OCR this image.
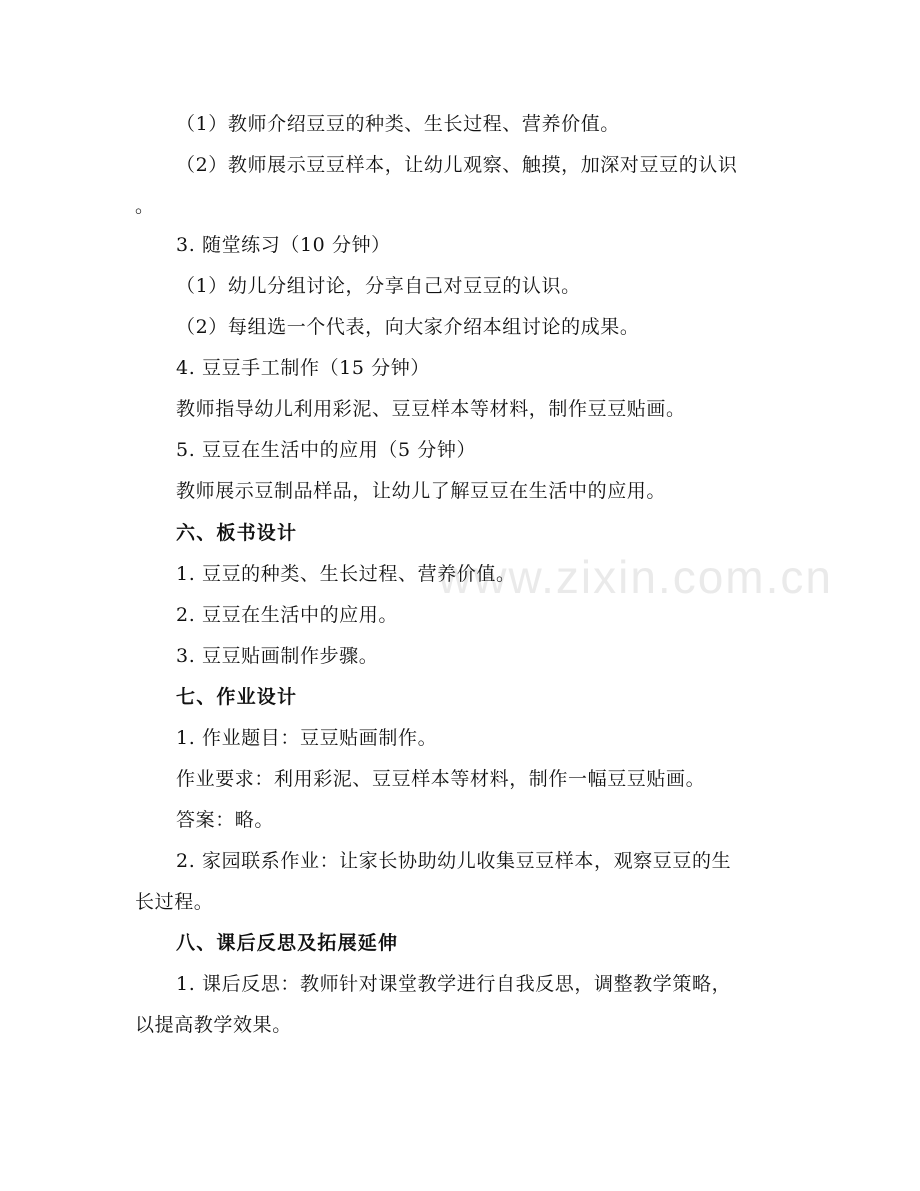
www.zixin.com.cn
（1）教师介绍豆豆的种类、生长过程、营养价值。
（2）教师展示豆豆样本，让幼儿观察、触摸，加深对豆豆的认识
。
3. 随堂练习（10 分钟）
（1）幼儿分组讨论，分享自己对豆豆的认识。
（2）每组选一个代表，向大家介绍本组讨论的成果。
4. 豆豆手工制作（15 分钟）
教师指导幼儿利用彩泥、豆豆样本等材料，制作豆豆贴画。
5. 豆豆在生活中的应用（5 分钟）
教师展示豆制品样品，让幼儿了解豆豆在生活中的应用。
六、板书设计
1. 豆豆的种类、生长过程、营养价值。
2. 豆豆在生活中的应用。
3. 豆豆贴画制作步骤。
七、作业设计
1. 作业题目：豆豆贴画制作。
作业要求：利用彩泥、豆豆样本等材料，制作一幅豆豆贴画。
答案：略。
2. 家园联系作业：让家长协助幼儿收集豆豆样本，观察豆豆的生
长过程。
八、课后反思及拓展延伸
1. 课后反思：教师针对课堂教学进行自我反思，调整教学策略，
以提高教学效果。
